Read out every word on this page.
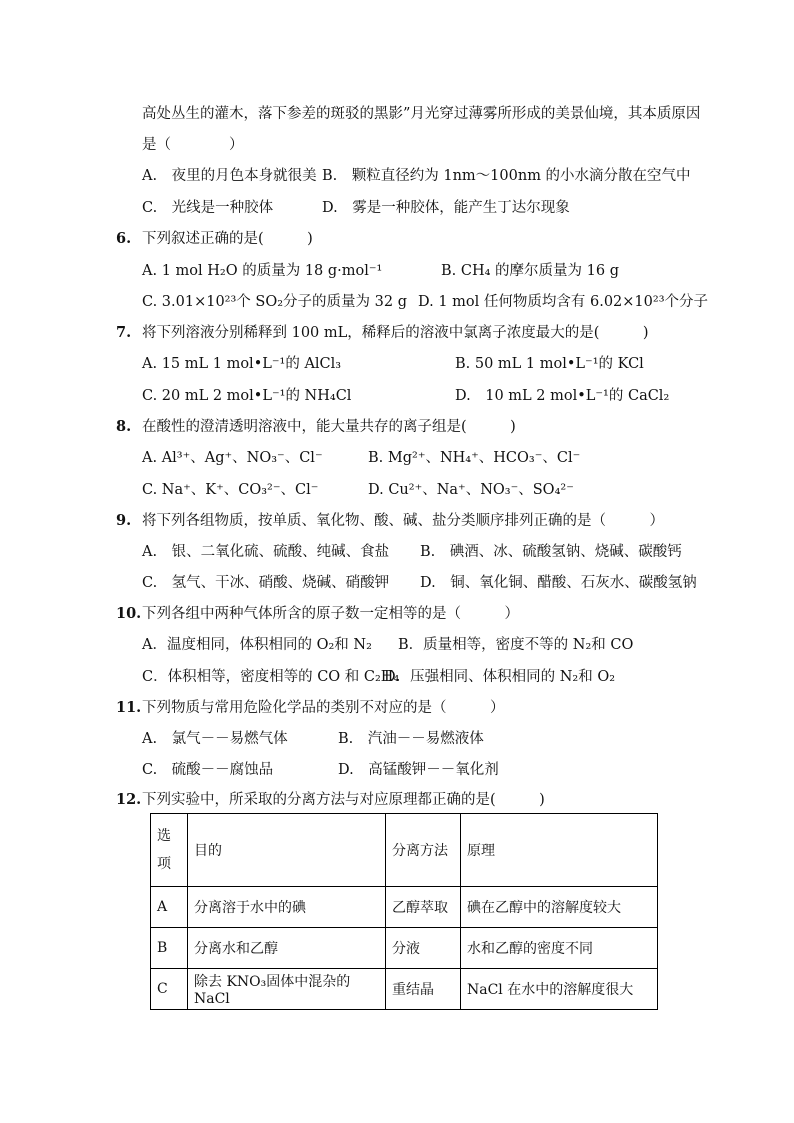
高处丛生的灌木，落下参差的斑驳的黑影”月光穿过薄雾所形成的美景仙境，其本质原因
是（　　　　）
A.　夜里的月色本身就很美 B.　颗粒直径约为 1nm～100nm 的小水滴分散在空气中
C.　光线是一种胶体	D.　雾是一种胶体，能产生丁达尔现象
6. 下列叙述正确的是(　　　)
A. 1 mol H₂O 的质量为 18 g·mol⁻¹	B. CH₄ 的摩尔质量为 16 g
C. 3.01×10²³个 SO₂分子的质量为 32 g D. 1 mol 任何物质均含有 6.02×10²³个分子
7. 将下列溶液分别稀释到 100 mL，稀释后的溶液中氯离子浓度最大的是(　　　)
A. 15 mL 1 mol•L⁻¹的 AlCl₃	B. 50 mL 1 mol•L⁻¹的 KCl
C. 20 mL 2 mol•L⁻¹的 NH₄Cl	D.　10 mL 2 mol•L⁻¹的 CaCl₂
8. 在酸性的澄清透明溶液中，能大量共存的离子组是(　　　)
A. Al³⁺、Ag⁺、NO₃⁻、Cl⁻	B. Mg²⁺、NH₄⁺、HCO₃⁻、Cl⁻
C. Na⁺、K⁺、CO₃²⁻、Cl⁻	D. Cu²⁺、Na⁺、NO₃⁻、SO₄²⁻
9. 将下列各组物质，按单质、氧化物、酸、碱、盐分类顺序排列正确的是（　　　）
A.　银、二氧化硫、硫酸、纯碱、食盐 B.　碘酒、冰、硫酸氢钠、烧碱、碳酸钙
C.　氢气、干冰、硝酸、烧碱、硝酸钾 D.　铜、氧化铜、醋酸、石灰水、碳酸氢钠
10. 下列各组中两种气体所含的原子数一定相等的是（　　　）
A．温度相同，体积相同的 O₂和 N₂ B．质量相等，密度不等的 N₂和 CO
C．体积相等，密度相等的 CO 和 C₂H₄
D．压强相同、体积相同的 N₂和 O₂
11. 下列物质与常用危险化学品的类别不对应的是（　　　）
A.　氯气－－易燃气体	B.　汽油－－易燃液体
C.　硫酸－－腐蚀品	D.　高锰酸钾－－氧化剂
12. 下列实验中，所采取的分离方法与对应原理都正确的是(　　　)
选项	目的	分离方法	原理
A	分离溶于水中的碘	乙醇萃取	碘在乙醇中的溶解度较大
B	分离水和乙醇	分液	水和乙醇的密度不同
C	除去 KNO₃固体中混杂的 NaCl	重结晶	NaCl 在水中的溶解度很大
